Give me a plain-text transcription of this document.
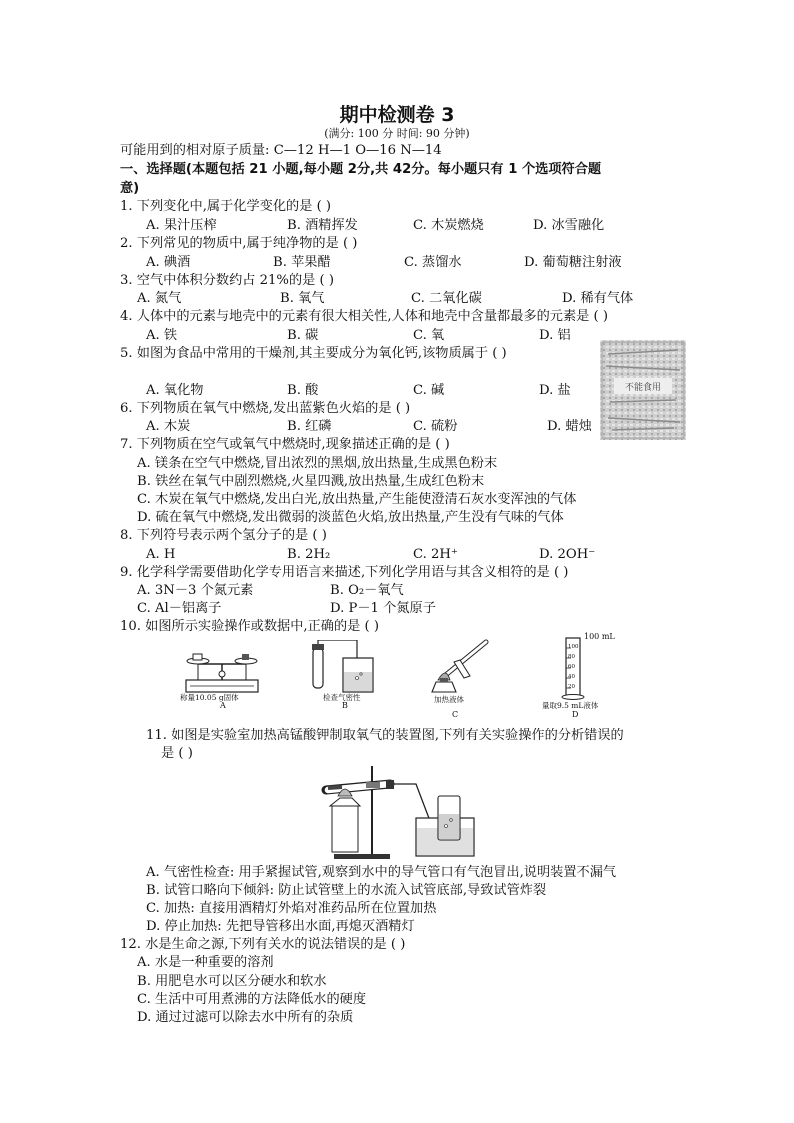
期中检测卷 3
(满分: 100 分 时间: 90 分钟)
可能用到的相对原子质量: C—12 H—1 O—16 N—14
一、选择题(本题包括 21 小题,每小题 2分,共 42分。每小题只有 1 个选项符合题
意)
1. 下列变化中,属于化学变化的是 ( )
A. 果汁压榨	B. 酒精挥发	C. 木炭燃烧	D. 冰雪融化
2. 下列常见的物质中,属于纯净物的是 ( )
A. 碘酒	B. 苹果醋	C. 蒸馏水	D. 葡萄糖注射液
3. 空气中体积分数约占 21%的是 ( )
A. 氮气	B. 氧气	C. 二氧化碳	D. 稀有气体
4. 人体中的元素与地壳中的元素有很大相关性,人体和地壳中含量都最多的元素是 ( )
A. 铁	B. 碳	C. 氧	D. 铝
5. 如图为食品中常用的干燥剂,其主要成分为氧化钙,该物质属于 ( )
A. 氧化物	B. 酸	C. 碱	D. 盐	不能食用
6. 下列物质在氧气中燃烧,发出蓝紫色火焰的是 ( )
A. 木炭	B. 红磷	C. 硫粉	D. 蜡烛
7. 下列物质在空气或氧气中燃烧时,现象描述正确的是 ( )
A. 镁条在空气中燃烧,冒出浓烈的黑烟,放出热量,生成黑色粉末
B. 铁丝在氧气中剧烈燃烧,火星四溅,放出热量,生成红色粉末
C. 木炭在氧气中燃烧,发出白光,放出热量,产生能使澄清石灰水变浑浊的气体
D. 硫在氧气中燃烧,发出微弱的淡蓝色火焰,放出热量,产生没有气味的气体
8. 下列符号表示两个氢分子的是 ( )
A. H	B. 2H₂	C. 2H⁺	D. 2OH⁻
9. 化学科学需要借助化学专用语言来描述,下列化学用语与其含义相符的是 ( )
A. 3N－3 个氮元素	B. O₂－氧气
C. Al－铝离子	D. P－1 个氮原子
10. 如图所示实验操作或数据中,正确的是 ( )
称量10.05 g固体
A
检查气密性
B
加热液体
C
100 mL
100
80
60
40
20
量取9.5 mL液体
D
11. 如图是实验室加热高锰酸钾制取氧气的装置图,下列有关实验操作的分析错误的
是 ( )
A. 气密性检查: 用手紧握试管,观察到水中的导气管口有气泡冒出,说明装置不漏气
B. 试管口略向下倾斜: 防止试管壁上的水流入试管底部,导致试管炸裂
C. 加热: 直接用酒精灯外焰对准药品所在位置加热
D. 停止加热: 先把导管移出水面,再熄灭酒精灯
12. 水是生命之源,下列有关水的说法错误的是 ( )
A. 水是一种重要的溶剂
B. 用肥皂水可以区分硬水和软水
C. 生活中可用煮沸的方法降低水的硬度
D. 通过过滤可以除去水中所有的杂质
